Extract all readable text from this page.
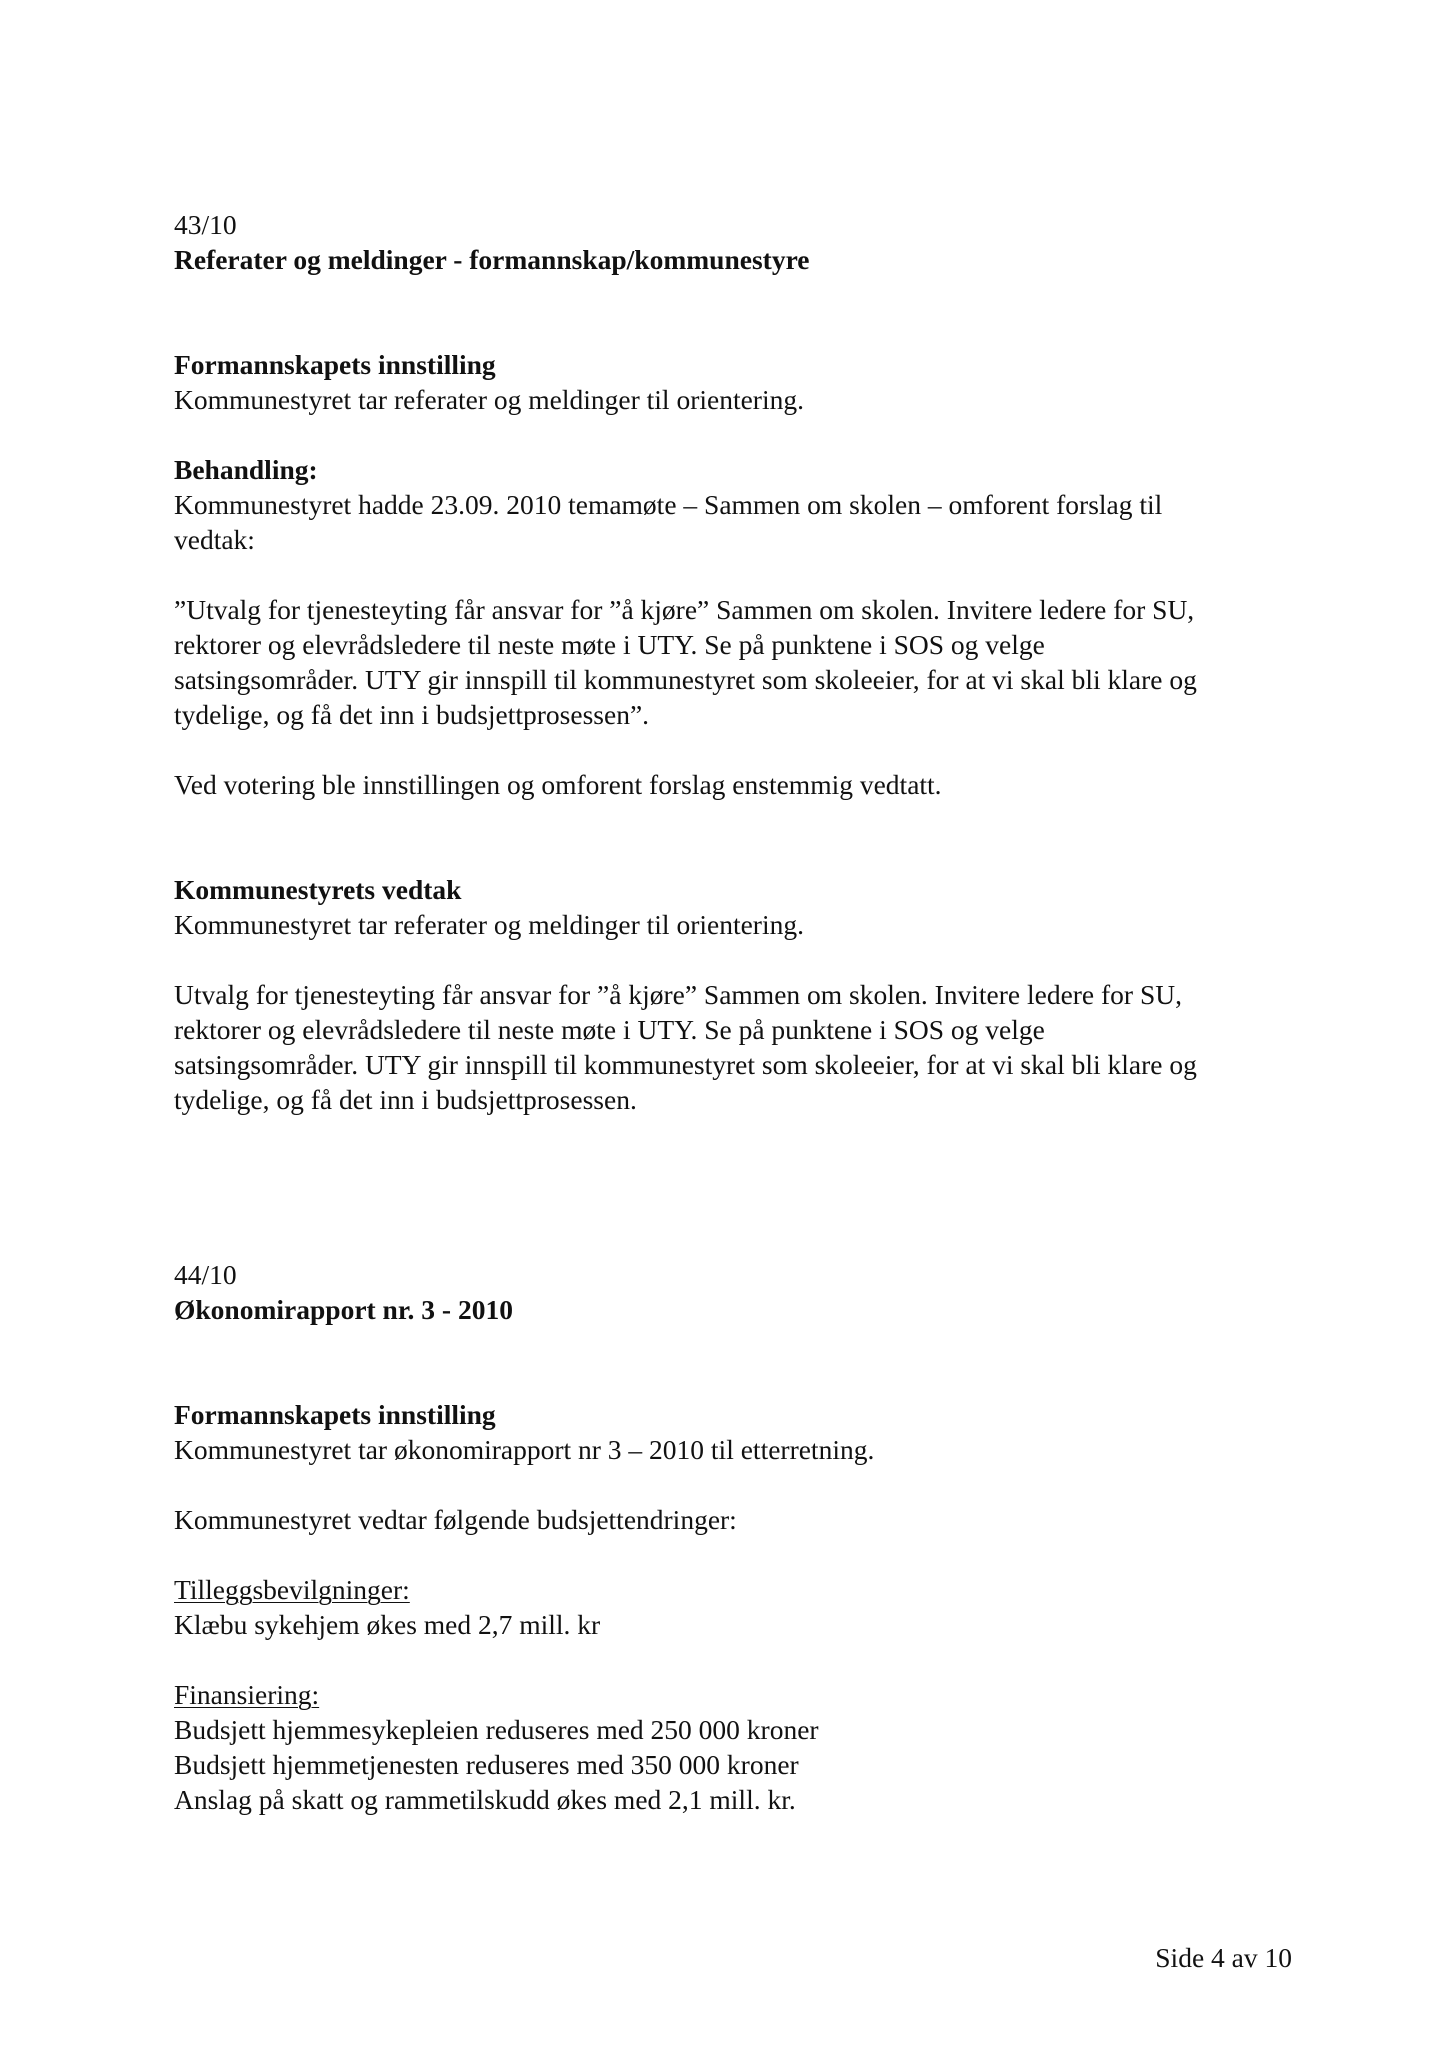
43/10
Referater og meldinger - formannskap/kommunestyre
Formannskapets innstilling
Kommunestyret tar referater og meldinger til orientering.
Behandling:
Kommunestyret hadde 23.09. 2010 temamøte – Sammen om skolen – omforent forslag til
vedtak:
”Utvalg for tjenesteyting får ansvar for ”å kjøre” Sammen om skolen. Invitere ledere for SU,
rektorer og elevrådsledere til neste møte i UTY. Se på punktene i SOS og velge
satsingsområder. UTY gir innspill til kommunestyret som skoleeier, for at vi skal bli klare og
tydelige, og få det inn i budsjettprosessen”.
Ved votering ble innstillingen og omforent forslag enstemmig vedtatt.
Kommunestyrets vedtak
Kommunestyret tar referater og meldinger til orientering.
Utvalg for tjenesteyting får ansvar for ”å kjøre” Sammen om skolen. Invitere ledere for SU,
rektorer og elevrådsledere til neste møte i UTY. Se på punktene i SOS og velge
satsingsområder. UTY gir innspill til kommunestyret som skoleeier, for at vi skal bli klare og
tydelige, og få det inn i budsjettprosessen.
44/10
Økonomirapport nr. 3 - 2010
Formannskapets innstilling
Kommunestyret tar økonomirapport nr 3 – 2010 til etterretning.
Kommunestyret vedtar følgende budsjettendringer:
Tilleggsbevilgninger:
Klæbu sykehjem økes med 2,7 mill. kr
Finansiering:
Budsjett hjemmesykepleien reduseres med 250 000 kroner
Budsjett hjemmetjenesten reduseres med 350 000 kroner
Anslag på skatt og rammetilskudd økes med 2,1 mill. kr.
Side 4 av 10
